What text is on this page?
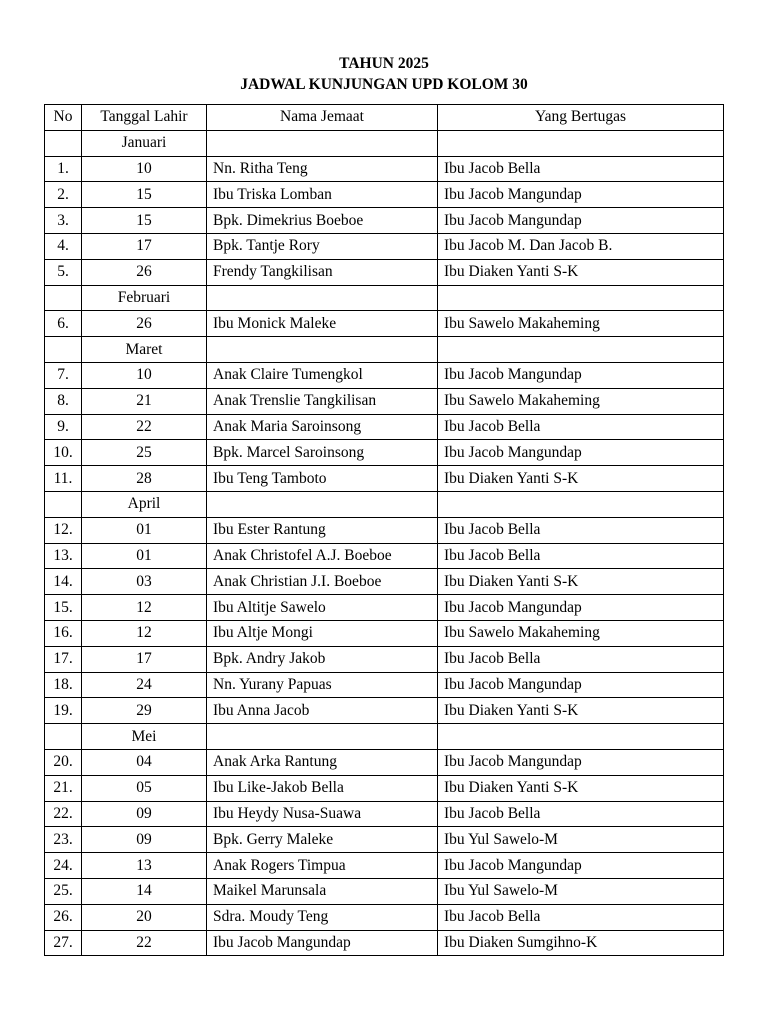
TAHUN 2025
JADWAL KUNJUNGAN UPD KOLOM 30
No	Tanggal Lahir	Nama Jemaat	Yang Bertugas
	Januari		
1.	10	Nn. Ritha Teng	Ibu Jacob Bella
2.	15	Ibu Triska Lomban	Ibu Jacob Mangundap
3.	15	Bpk. Dimekrius Boeboe	Ibu Jacob Mangundap
4.	17	Bpk. Tantje Rory	Ibu Jacob M. Dan Jacob B.
5.	26	Frendy Tangkilisan	Ibu Diaken Yanti S-K
	Februari		
6.	26	Ibu Monick Maleke	Ibu Sawelo Makaheming
	Maret		
7.	10	Anak Claire Tumengkol	Ibu Jacob Mangundap
8.	21	Anak Trenslie Tangkilisan	Ibu Sawelo Makaheming
9.	22	Anak Maria Saroinsong	Ibu Jacob Bella
10.	25	Bpk. Marcel Saroinsong	Ibu Jacob Mangundap
11.	28	Ibu Teng Tamboto	Ibu Diaken Yanti S-K
	April		
12.	01	Ibu Ester Rantung	Ibu Jacob Bella
13.	01	Anak Christofel A.J. Boeboe	Ibu Jacob Bella
14.	03	Anak Christian J.I. Boeboe	Ibu Diaken Yanti S-K
15.	12	Ibu Altitje Sawelo	Ibu Jacob Mangundap
16.	12	Ibu Altje Mongi	Ibu Sawelo Makaheming
17.	17	Bpk. Andry Jakob	Ibu Jacob Bella
18.	24	Nn. Yurany Papuas	Ibu Jacob Mangundap
19.	29	Ibu Anna Jacob	Ibu Diaken Yanti S-K
	Mei		
20.	04	Anak Arka Rantung	Ibu Jacob Mangundap
21.	05	Ibu Like-Jakob Bella	Ibu Diaken Yanti S-K
22.	09	Ibu Heydy Nusa-Suawa	Ibu Jacob Bella
23.	09	Bpk. Gerry Maleke	Ibu Yul Sawelo-M
24.	13	Anak Rogers Timpua	Ibu Jacob Mangundap
25.	14	Maikel Marunsala	Ibu Yul Sawelo-M
26.	20	Sdra. Moudy Teng	Ibu Jacob Bella
27.	22	Ibu Jacob Mangundap	Ibu Diaken Sumgihno-K
